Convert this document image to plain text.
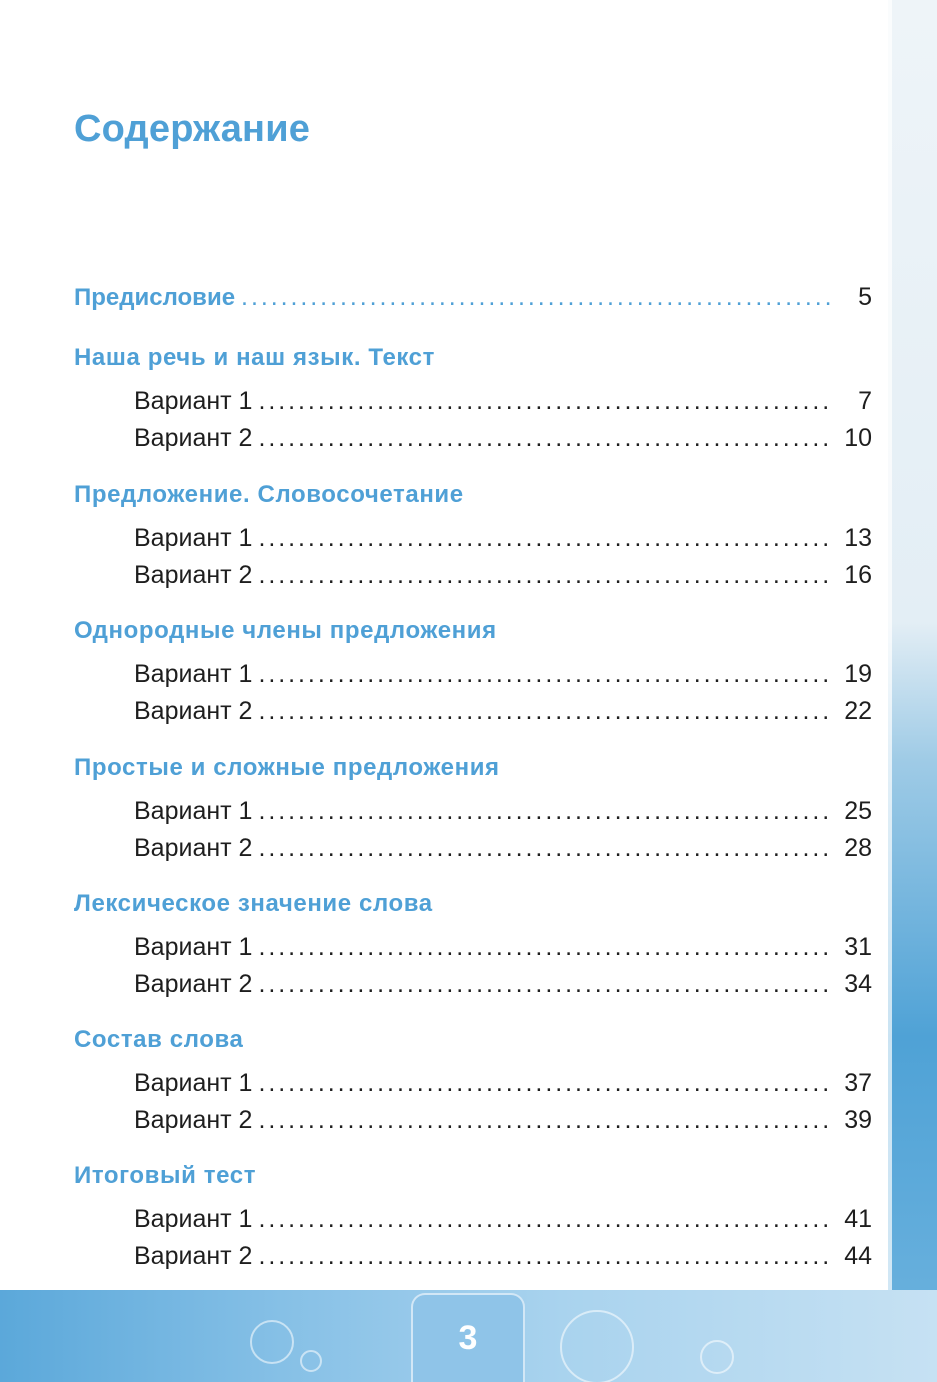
3
Содержание
Предисловие . . .	5
Наша речь и наш язык. Текст
Вариант 1 . . .	7
Вариант 2 . . .	10
Предложение. Словосочетание
Вариант 1 . . .	13
Вариант 2 . . .	16
Однородные члены предложения
Вариант 1 . . .	19
Вариант 2 . . .	22
Простые и сложные предложения
Вариант 1 . . .	25
Вариант 2 . . .	28
Лексическое значение слова
Вариант 1 . . .	31
Вариант 2 . . .	34
Состав слова
Вариант 1 . . .	37
Вариант 2 . . .	39
Итоговый тест
Вариант 1 . . .	41
Вариант 2 . . .	44
